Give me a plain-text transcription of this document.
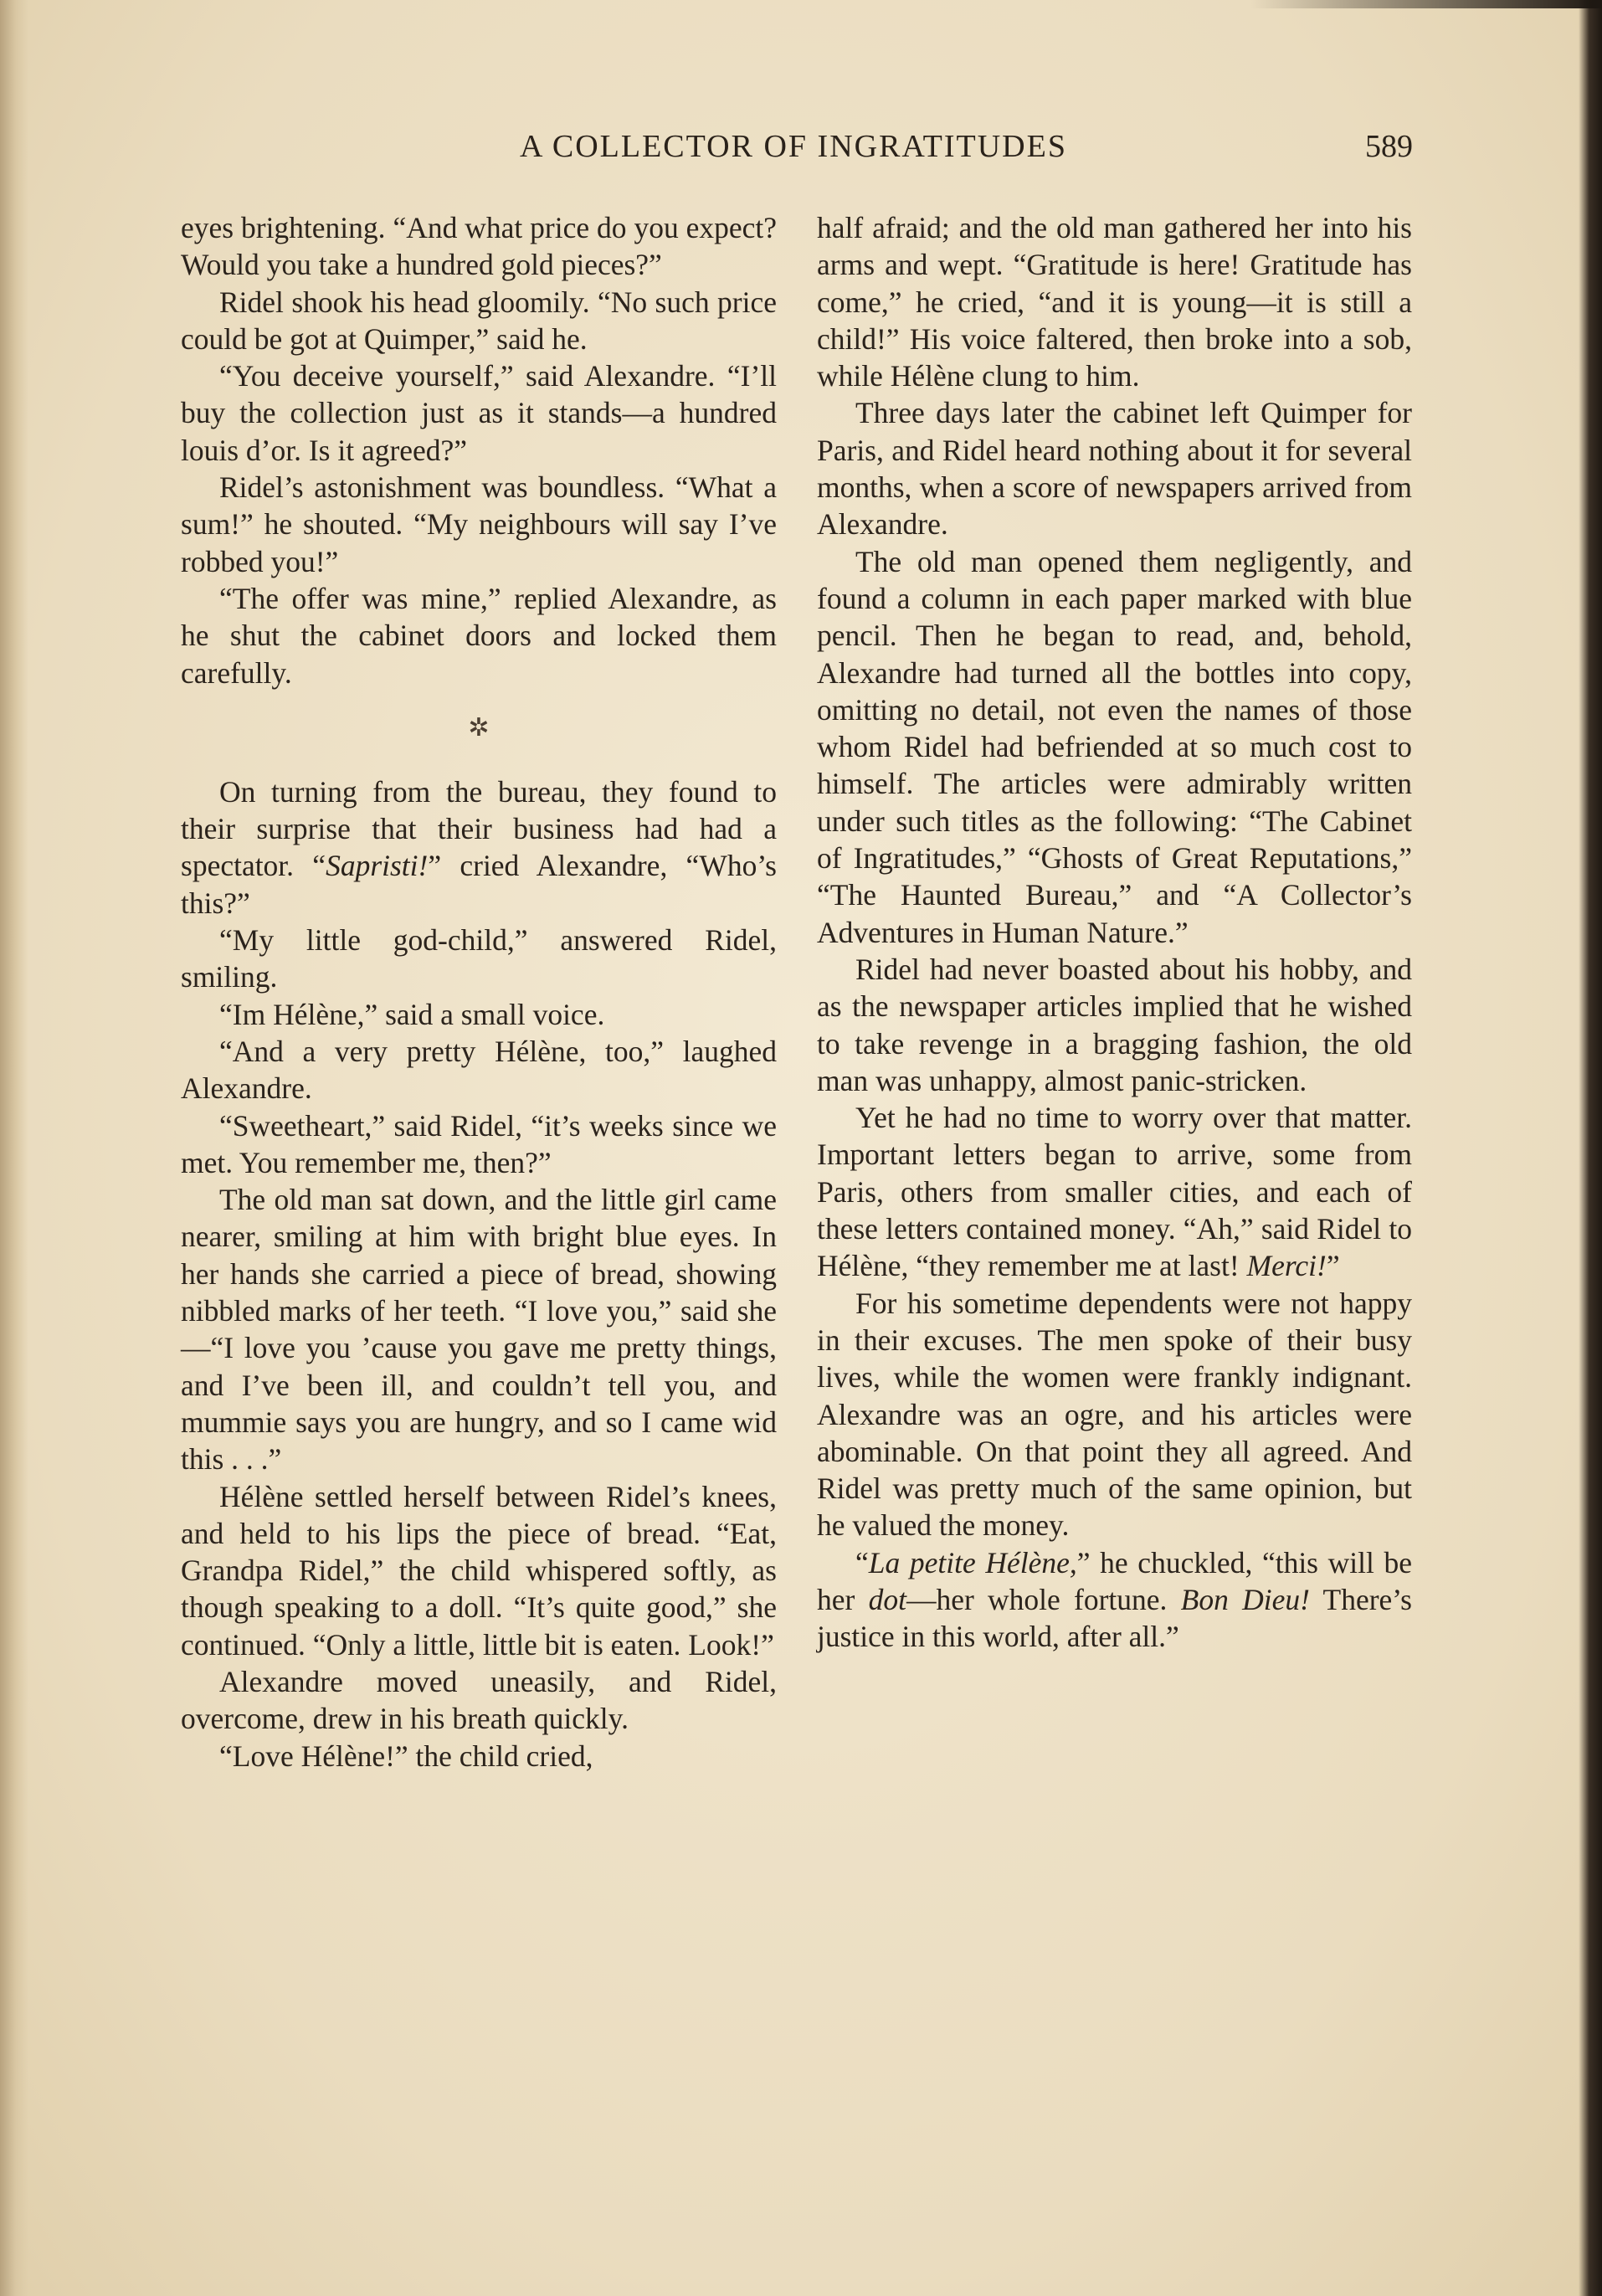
A COLLECTOR OF INGRATITUDES	589

eyes brightening. “And what price do you expect? Would you take a hundred gold pieces?”

Ridel shook his head gloomily. “No such price could be got at Quimper,” said he.

“You deceive yourself,” said Alexandre. “I’ll buy the collection just as it stands—a hundred louis d’or. Is it agreed?”

Ridel’s astonishment was boundless. “What a sum!” he shouted. “My neighbours will say I’ve robbed you!”

“The offer was mine,” replied Alexandre, as he shut the cabinet doors and locked them carefully.

✲

On turning from the bureau, they found to their surprise that their business had had a spectator. “Sapristi!” cried Alexandre, “Who’s this?”

“My little god-child,” answered Ridel, smiling.

“Im Hélène,” said a small voice.

“And a very pretty Hélène, too,” laughed Alexandre.

“Sweetheart,” said Ridel, “it’s weeks since we met. You remember me, then?”

The old man sat down, and the little girl came nearer, smiling at him with bright blue eyes. In her hands she carried a piece of bread, showing nibbled marks of her teeth. “I love you,” said she—“I love you ’cause you gave me pretty things, and I’ve been ill, and couldn’t tell you, and mummie says you are hungry, and so I came wid this . . .”

Hélène settled herself between Ridel’s knees, and held to his lips the piece of bread. “Eat, Grandpa Ridel,” the child whispered softly, as though speaking to a doll. “It’s quite good,” she continued. “Only a little, little bit is eaten. Look!”

Alexandre moved uneasily, and Ridel, overcome, drew in his breath quickly.

“Love Hélène!” the child cried,

half afraid; and the old man gathered her into his arms and wept. “Gratitude is here! Gratitude has come,” he cried, “and it is young—it is still a child!” His voice faltered, then broke into a sob, while Hélène clung to him.

Three days later the cabinet left Quimper for Paris, and Ridel heard nothing about it for several months, when a score of newspapers arrived from Alexandre.

The old man opened them negligently, and found a column in each paper marked with blue pencil. Then he began to read, and, behold, Alexandre had turned all the bottles into copy, omitting no detail, not even the names of those whom Ridel had befriended at so much cost to himself. The articles were admirably written under such titles as the following: “The Cabinet of Ingratitudes,” “Ghosts of Great Reputations,” “The Haunted Bureau,” and “A Collector’s Adventures in Human Nature.”

Ridel had never boasted about his hobby, and as the newspaper articles implied that he wished to take revenge in a bragging fashion, the old man was unhappy, almost panic-stricken.

Yet he had no time to worry over that matter. Important letters began to arrive, some from Paris, others from smaller cities, and each of these letters contained money. “Ah,” said Ridel to Hélène, “they remember me at last! Merci!”

For his sometime dependents were not happy in their excuses. The men spoke of their busy lives, while the women were frankly indignant. Alexandre was an ogre, and his articles were abominable. On that point they all agreed. And Ridel was pretty much of the same opinion, but he valued the money.

“La petite Hélène,” he chuckled, “this will be her dot—her whole fortune. Bon Dieu! There’s justice in this world, after all.”
